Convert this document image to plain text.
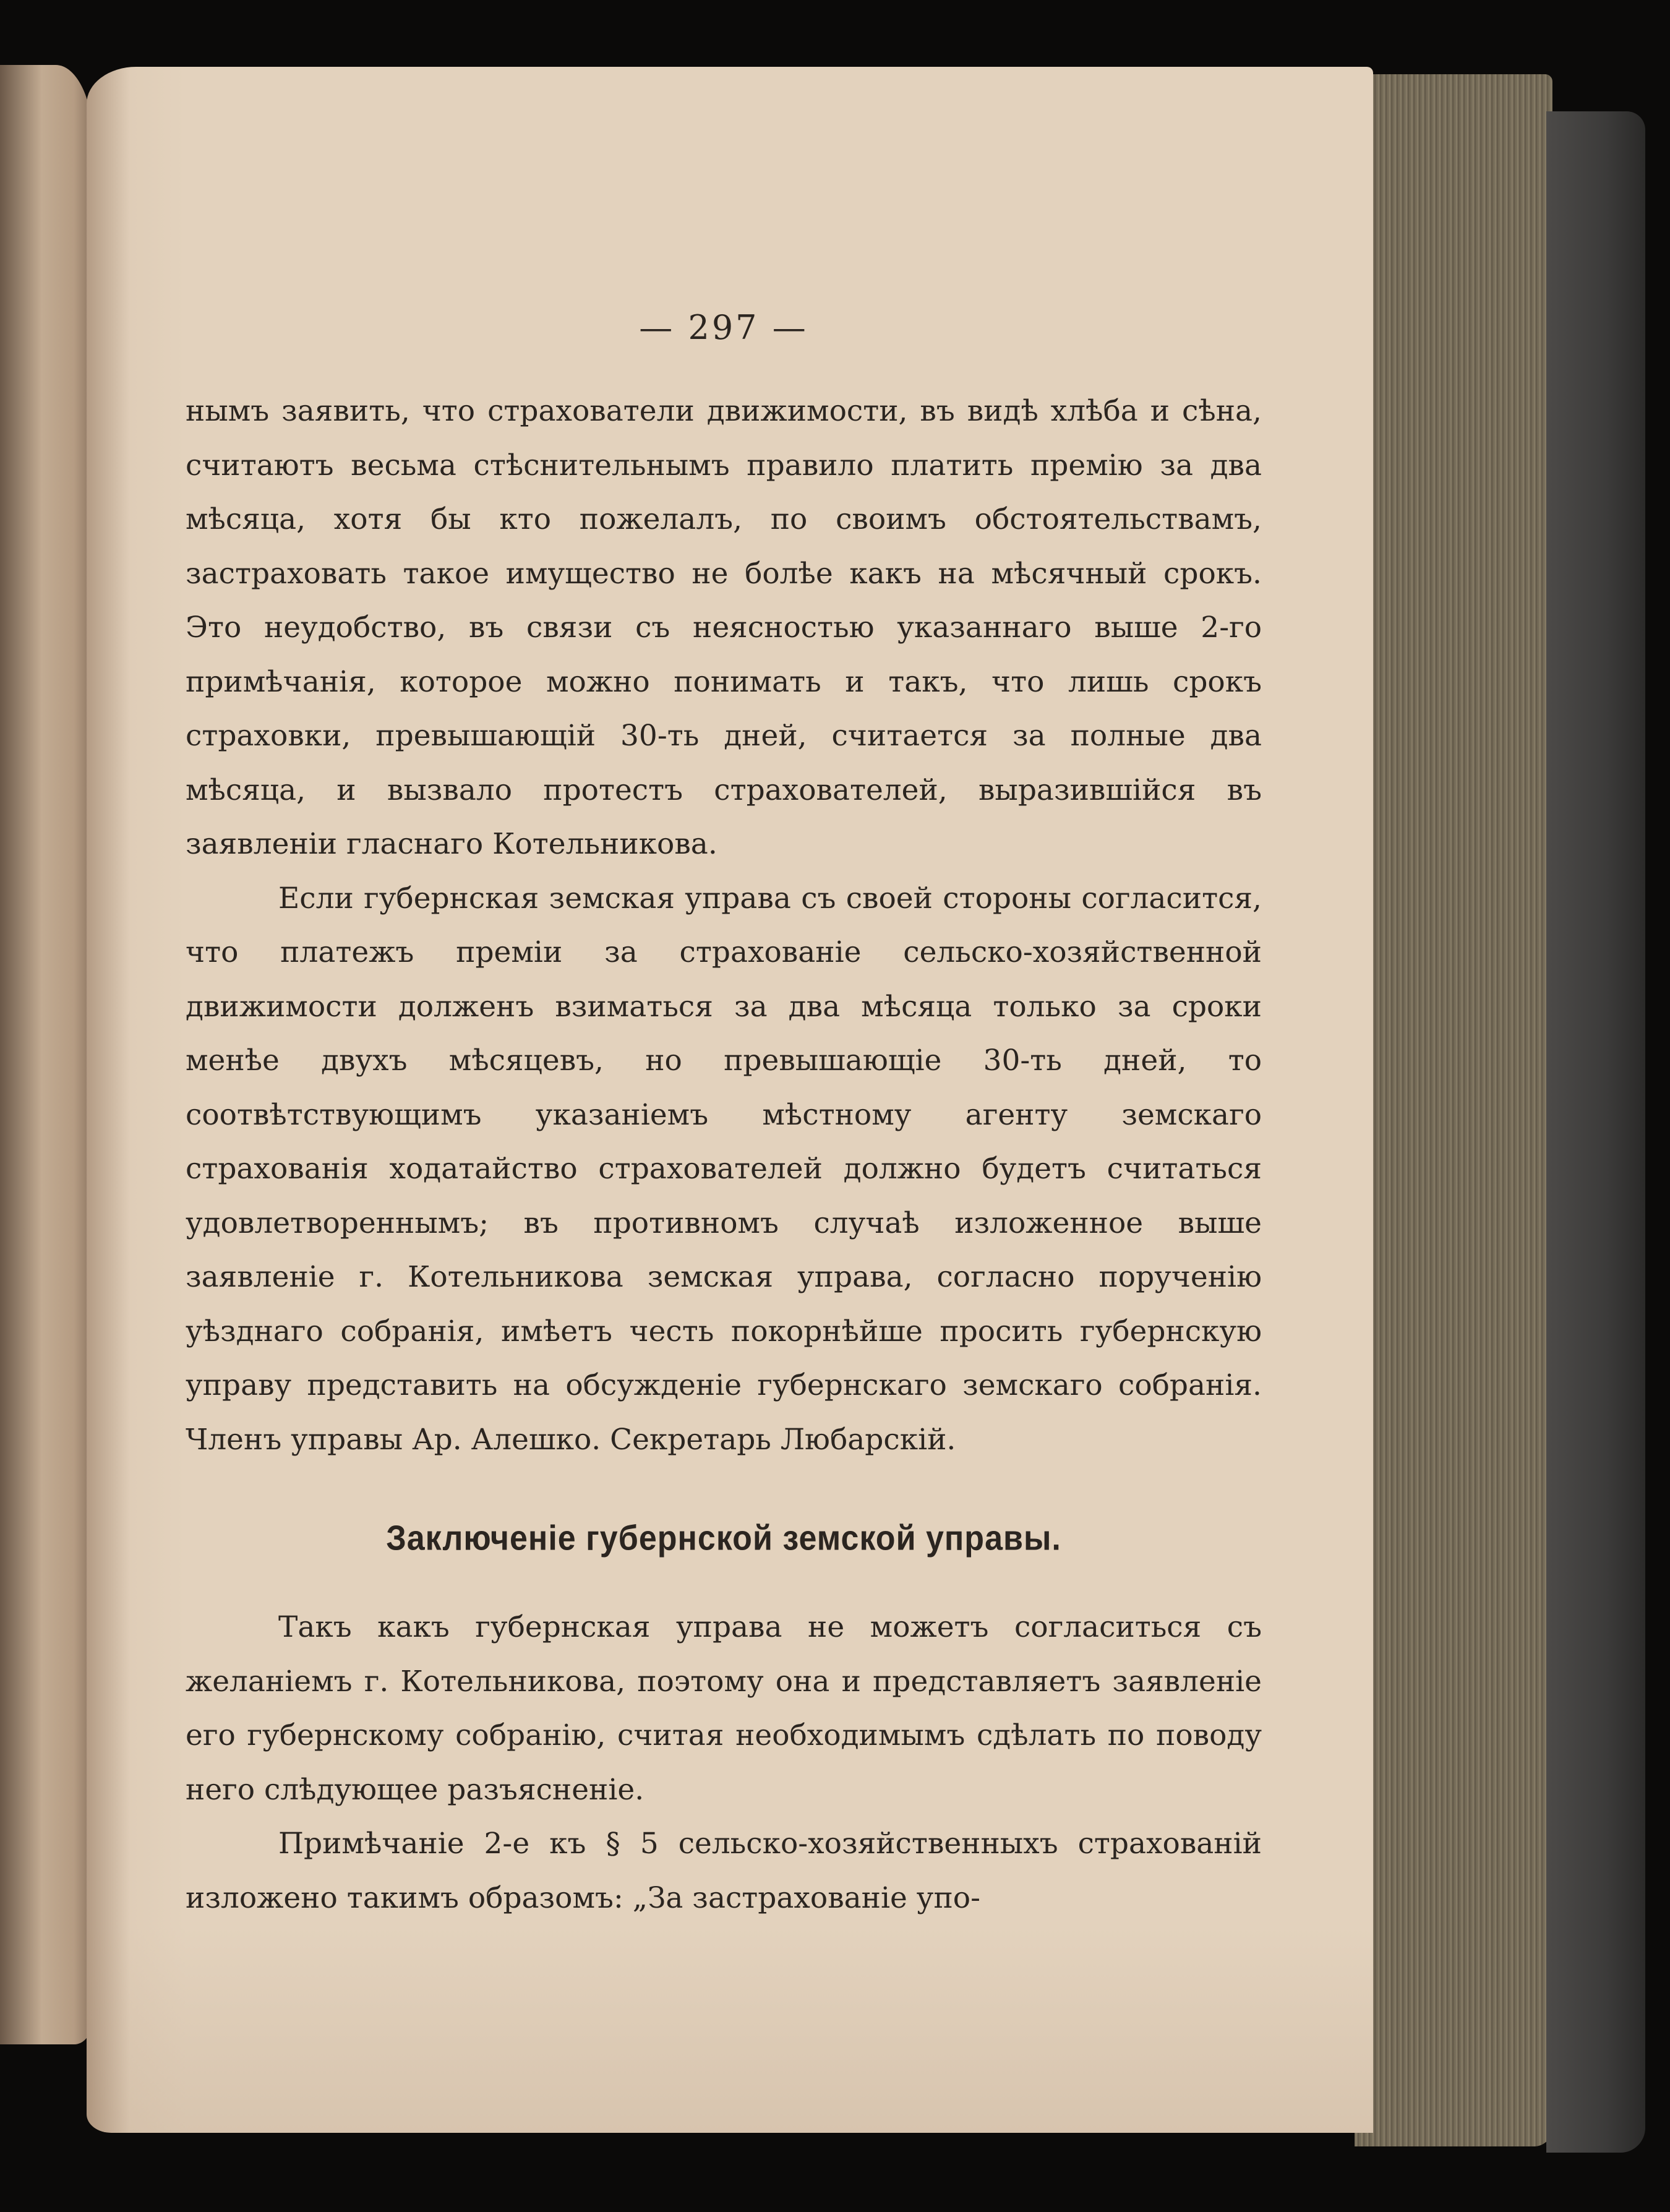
— 297 —

нымъ заявить, что страхователи движимости, въ видѣ хлѣба и сѣна, считаютъ весьма стѣснительнымъ правило платить премію за два мѣсяца, хотя бы кто пожелалъ, по своимъ обстоятельствамъ, застраховать такое имущество не болѣе какъ на мѣсячный срокъ. Это неудобство, въ связи съ неясностью указаннаго выше 2-го примѣчанія, которое можно понимать и такъ, что лишь срокъ страховки, превышающій 30-ть дней, считается за полные два мѣсяца, и вызвало протестъ страхователей, выразившійся въ заявленіи гласнаго Котельникова.

Если губернская земская управа съ своей стороны согласится, что платежъ преміи за страхованіе сельско-хозяйственной движимости долженъ взиматься за два мѣсяца только за сроки менѣе двухъ мѣсяцевъ, но превышающіе 30-ть дней, то соотвѣтствующимъ указаніемъ мѣстному агенту земскаго страхованія ходатайство страхователей должно будетъ считаться удовлетвореннымъ; въ противномъ случаѣ изложенное выше заявленіе г. Котельникова земская управа, согласно порученію уѣзднаго собранія, имѣетъ честь покорнѣйше просить губернскую управу представить на обсужденіе губернскаго земскаго собранія. Членъ управы Ар. Алешко. Секретарь Любарскій.

Заключеніе губернской земской управы.

Такъ какъ губернская управа не можетъ согласиться съ желаніемъ г. Котельникова, поэтому она и представляетъ заявленіе его губернскому собранію, считая необходимымъ сдѣлать по поводу него слѣдующее разъясненіе.

Примѣчаніе 2-е къ § 5 сельско-хозяйственныхъ страхованій изложено такимъ образомъ: „За застрахованіе упо-
